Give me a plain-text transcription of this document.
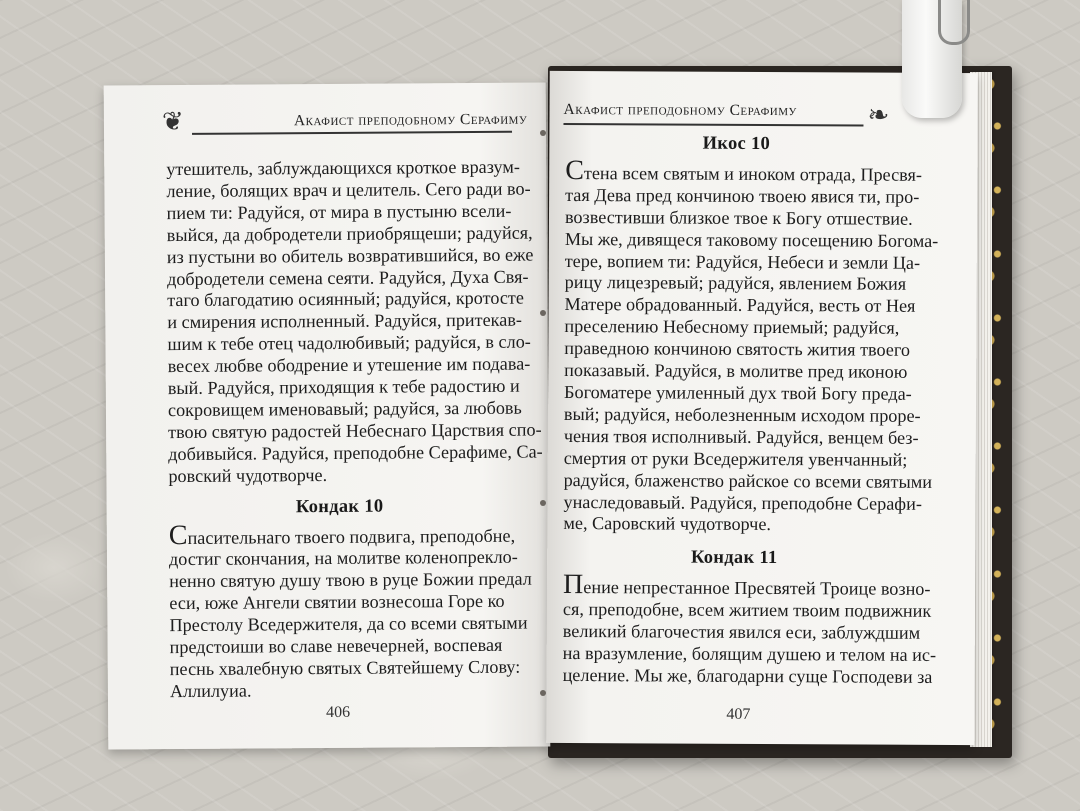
❦	Акафист преподобному Серафиму
утешитель, заблуждающихся кроткое вразум-
ление, болящих врач и целитель. Сего ради во-
пием ти: Радуйся, от мира в пустыню всели-
выйся, да добродетели приобрящеши; радуйся,
из пустыни во обитель возвратившийся, во еже
добродетели семена сеяти. Радуйся, Духа Свя-
таго благодатию осиянный; радуйся, кротосте
и смирения исполненный. Радуйся, притекав-
шим к тебе отец чадолюбивый; радуйся, в сло-
весех любве ободрение и утешение им подава-
вый. Радуйся, приходящия к тебе радостию и
сокровищем именовавый; радуйся, за любовь
твою святую радостей Небеснаго Царствия спо-
добивыйся. Радуйся, преподобне Серафиме, Са-
ровский чудотворче.
Кондак 10
Спасительнаго твоего подвига, преподобне,
достиг скончания, на молитве коленопрекло-
ненно святую душу твою в руце Божии предал
еси, юже Ангели святии вознесоша Горе ко
Престолу Вседержителя, да со всеми святыми
предстоиши во славе невечерней, воспевая
песнь хвалебную святых Святейшему Слову:
Аллилуиа.
406
Акафист преподобному Серафиму	❧
Икос 10
Стена всем святым и иноком отрада, Пресвя-
тая Дева пред кончиною твоею явися ти, про-
возвестивши близкое твое к Богу отшествие.
Мы же, дивящеся таковому посещению Богома-
тере, вопием ти: Радуйся, Небеси и земли Ца-
рицу лицезревый; радуйся, явлением Божия
Матере обрадованный. Радуйся, весть от Нея
преселению Небесному приемый; радуйся,
праведною кончиною святость жития твоего
показавый. Радуйся, в молитве пред иконою
Богоматере умиленный дух твой Богу преда-
вый; радуйся, неболезненным исходом проре-
чения твоя исполнивый. Радуйся, венцем без-
смертия от руки Вседержителя увенчанный;
радуйся, блаженство райское со всеми святыми
унаследовавый. Радуйся, преподобне Серафи-
ме, Саровский чудотворче.
Кондак 11
Пение непрестанное Пресвятей Троице возно-
ся, преподобне, всем житием твоим подвижник
великий благочестия явился еси, заблуждшим
на вразумление, болящим душею и телом на ис-
целение. Мы же, благодарни суще Господеви за
407
